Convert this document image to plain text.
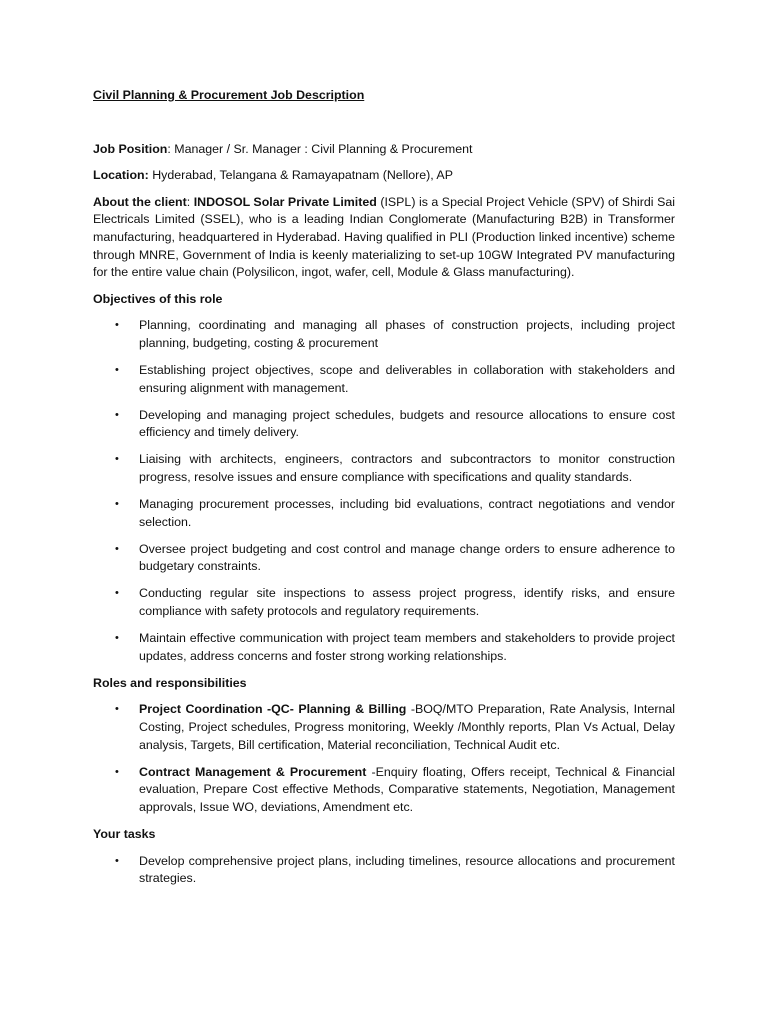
Civil Planning & Procurement Job Description

Job Position: Manager / Sr. Manager : Civil Planning & Procurement

Location: Hyderabad, Telangana & Ramayapatnam (Nellore), AP

About the client: INDOSOL Solar Private Limited (ISPL) is a Special Project Vehicle (SPV) of Shirdi Sai Electricals Limited (SSEL), who is a leading Indian Conglomerate (Manufacturing B2B) in Transformer manufacturing, headquartered in Hyderabad. Having qualified in PLI (Production linked incentive) scheme through MNRE, Government of India is keenly materializing to set-up 10GW Integrated PV manufacturing for the entire value chain (Polysilicon, ingot, wafer, cell, Module & Glass manufacturing).

Objectives of this role

• Planning, coordinating and managing all phases of construction projects, including project planning, budgeting, costing & procurement
• Establishing project objectives, scope and deliverables in collaboration with stakeholders and ensuring alignment with management.
• Developing and managing project schedules, budgets and resource allocations to ensure cost efficiency and timely delivery.
• Liaising with architects, engineers, contractors and subcontractors to monitor construction progress, resolve issues and ensure compliance with specifications and quality standards.
• Managing procurement processes, including bid evaluations, contract negotiations and vendor selection.
• Oversee project budgeting and cost control and manage change orders to ensure adherence to budgetary constraints.
• Conducting regular site inspections to assess project progress, identify risks, and ensure compliance with safety protocols and regulatory requirements.
• Maintain effective communication with project team members and stakeholders to provide project updates, address concerns and foster strong working relationships.

Roles and responsibilities

• Project Coordination -QC- Planning & Billing -BOQ/MTO Preparation, Rate Analysis, Internal Costing, Project schedules, Progress monitoring, Weekly /Monthly reports, Plan Vs Actual, Delay analysis, Targets, Bill certification, Material reconciliation, Technical Audit etc.
• Contract Management & Procurement -Enquiry floating, Offers receipt, Technical & Financial evaluation, Prepare Cost effective Methods, Comparative statements, Negotiation, Management approvals, Issue WO, deviations, Amendment etc.

Your tasks

• Develop comprehensive project plans, including timelines, resource allocations and procurement strategies.
